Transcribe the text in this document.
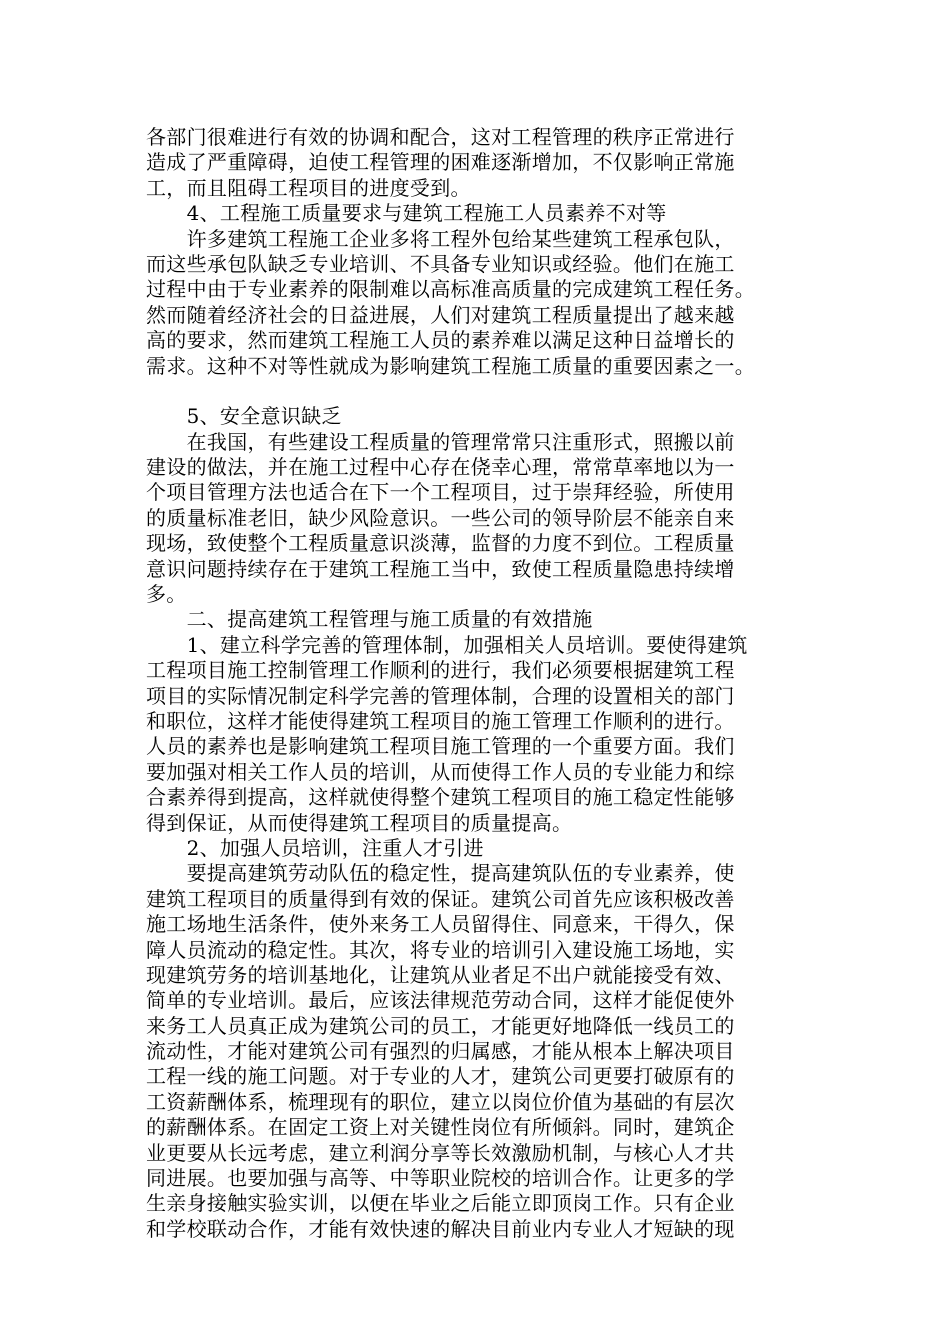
各部门很难进行有效的协调和配合，这对工程管理的秩序正常进行
造成了严重障碍，迫使工程管理的困难逐渐增加，不仅影响正常施
工，而且阻碍工程项目的进度受到。
　　4、工程施工质量要求与建筑工程施工人员素养不对等
　　许多建筑工程施工企业多将工程外包给某些建筑工程承包队，
而这些承包队缺乏专业培训、不具备专业知识或经验。他们在施工
过程中由于专业素养的限制难以高标准高质量的完成建筑工程任务。
然而随着经济社会的日益进展，人们对建筑工程质量提出了越来越
高的要求，然而建筑工程施工人员的素养难以满足这种日益增长的
需求。这种不对等性就成为影响建筑工程施工质量的重要因素之一。
　　5、安全意识缺乏
　　在我国，有些建设工程质量的管理常常只注重形式，照搬以前
建设的做法，并在施工过程中心存在侥幸心理，常常草率地以为一
个项目管理方法也适合在下一个工程项目，过于崇拜经验，所使用
的质量标准老旧，缺少风险意识。一些公司的领导阶层不能亲自来
现场，致使整个工程质量意识淡薄，监督的力度不到位。工程质量
意识问题持续存在于建筑工程施工当中，致使工程质量隐患持续增
多。
　　二、提高建筑工程管理与施工质量的有效措施
　　1、建立科学完善的管理体制，加强相关人员培训。要使得建筑
工程项目施工控制管理工作顺利的进行，我们必须要根据建筑工程
项目的实际情况制定科学完善的管理体制，合理的设置相关的部门
和职位，这样才能使得建筑工程项目的施工管理工作顺利的进行。
人员的素养也是影响建筑工程项目施工管理的一个重要方面。我们
要加强对相关工作人员的培训，从而使得工作人员的专业能力和综
合素养得到提高，这样就使得整个建筑工程项目的施工稳定性能够
得到保证，从而使得建筑工程项目的质量提高。
　　2、加强人员培训，注重人才引进
　　要提高建筑劳动队伍的稳定性，提高建筑队伍的专业素养，使
建筑工程项目的质量得到有效的保证。建筑公司首先应该积极改善
施工场地生活条件，使外来务工人员留得住、同意来，干得久，保
障人员流动的稳定性。其次，将专业的培训引入建设施工场地，实
现建筑劳务的培训基地化，让建筑从业者足不出户就能接受有效、
简单的专业培训。最后，应该法律规范劳动合同，这样才能促使外
来务工人员真正成为建筑公司的员工，才能更好地降低一线员工的
流动性，才能对建筑公司有强烈的归属感，才能从根本上解决项目
工程一线的施工问题。对于专业的人才，建筑公司更要打破原有的
工资薪酬体系，梳理现有的职位，建立以岗位价值为基础的有层次
的薪酬体系。在固定工资上对关键性岗位有所倾斜。同时，建筑企
业更要从长远考虑，建立利润分享等长效激励机制，与核心人才共
同进展。也要加强与高等、中等职业院校的培训合作。让更多的学
生亲身接触实验实训，以便在毕业之后能立即顶岗工作。只有企业
和学校联动合作，才能有效快速的解决目前业内专业人才短缺的现
